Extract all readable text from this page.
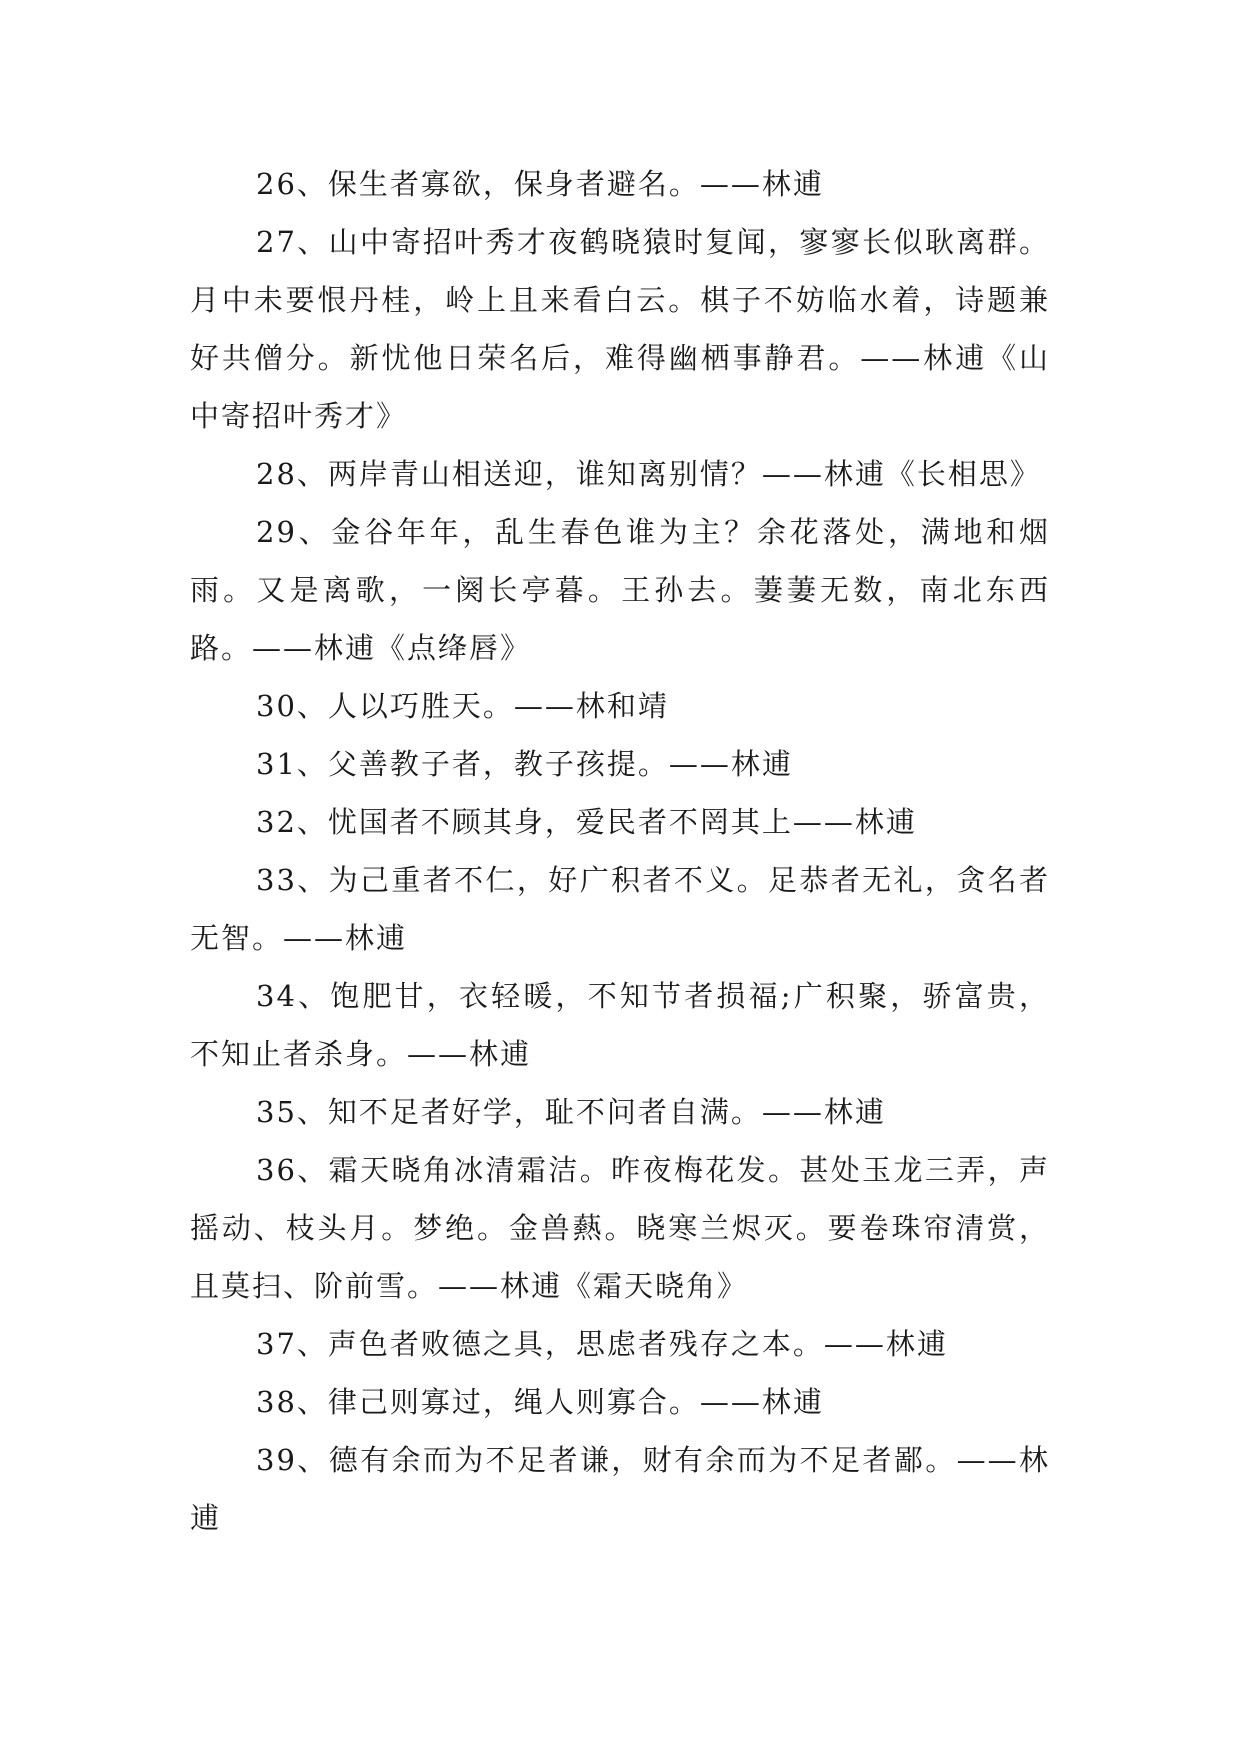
26、保生者寡欲，保身者避名。——林逋

27、山中寄招叶秀才夜鹤晓猿时复闻，寥寥长似耿离群。月中未要恨丹桂，岭上且来看白云。棋子不妨临水着，诗题兼好共僧分。新忧他日荣名后，难得幽栖事静君。——林逋《山中寄招叶秀才》

28、两岸青山相送迎，谁知离别情？——林逋《长相思》

29、金谷年年，乱生春色谁为主？余花落处，满地和烟雨。又是离歌，一阕长亭暮。王孙去。萋萋无数，南北东西路。——林逋《点绛唇》

30、人以巧胜天。——林和靖

31、父善教子者，教子孩提。——林逋

32、忧国者不顾其身，爱民者不罔其上——林逋

33、为己重者不仁，好广积者不义。足恭者无礼，贪名者无智。——林逋

34、饱肥甘，衣轻暖，不知节者损福;广积聚，骄富贵，不知止者杀身。——林逋

35、知不足者好学，耻不问者自满。——林逋

36、霜天晓角冰清霜洁。昨夜梅花发。甚处玉龙三弄，声摇动、枝头月。梦绝。金兽爇。晓寒兰烬灭。要卷珠帘清赏，且莫扫、阶前雪。——林逋《霜天晓角》

37、声色者败德之具，思虑者残存之本。——林逋

38、律己则寡过，绳人则寡合。——林逋

39、德有余而为不足者谦，财有余而为不足者鄙。——林逋
